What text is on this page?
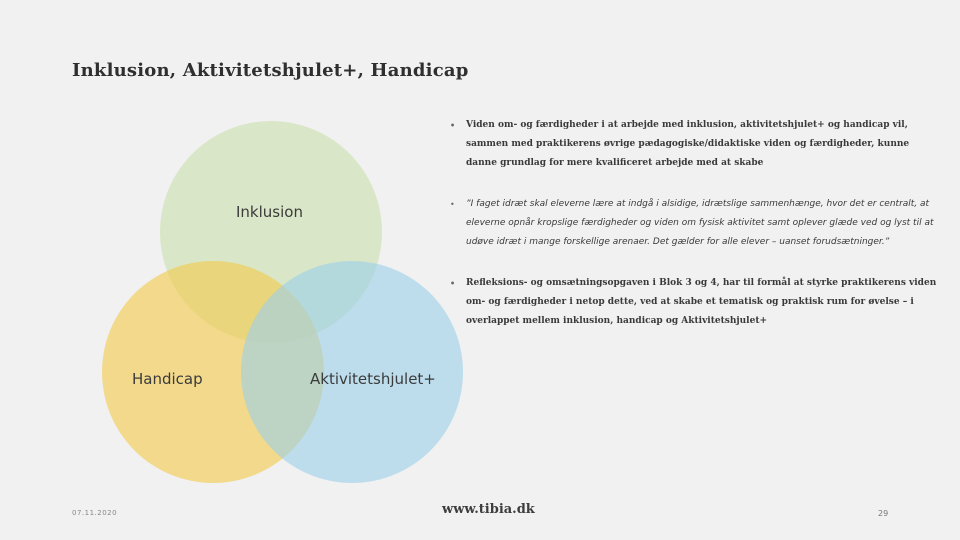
Inklusion, Aktivitetshjulet+, Handicap
Inklusion
Handicap	Aktivitetshjulet+
• Viden om- og færdigheder i at arbejde med inklusion, aktivitetshjulet+ og handicap vil, sammen med praktikerens øvrige pædagogiske/didaktiske viden og færdigheder, kunne danne grundlag for mere kvalificeret arbejde med at skabe
• ”I faget idræt skal eleverne lære at indgå i alsidige, idrætslige sammenhænge, hvor det er centralt, at eleverne opnår kropslige færdigheder og viden om fysisk aktivitet samt oplever glæde ved og lyst til at udøve idræt i mange forskellige arenaer. Det gælder for alle elever – uanset forudsætninger.”
• Refleksions- og omsætningsopgaven i Blok 3 og 4, har til formål at styrke praktikerens viden om- og færdigheder i netop dette, ved at skabe et tematisk og praktisk rum for øvelse – i overlappet mellem inklusion, handicap og Aktivitetshjulet+
07.11.2020	www.tibia.dk	29
